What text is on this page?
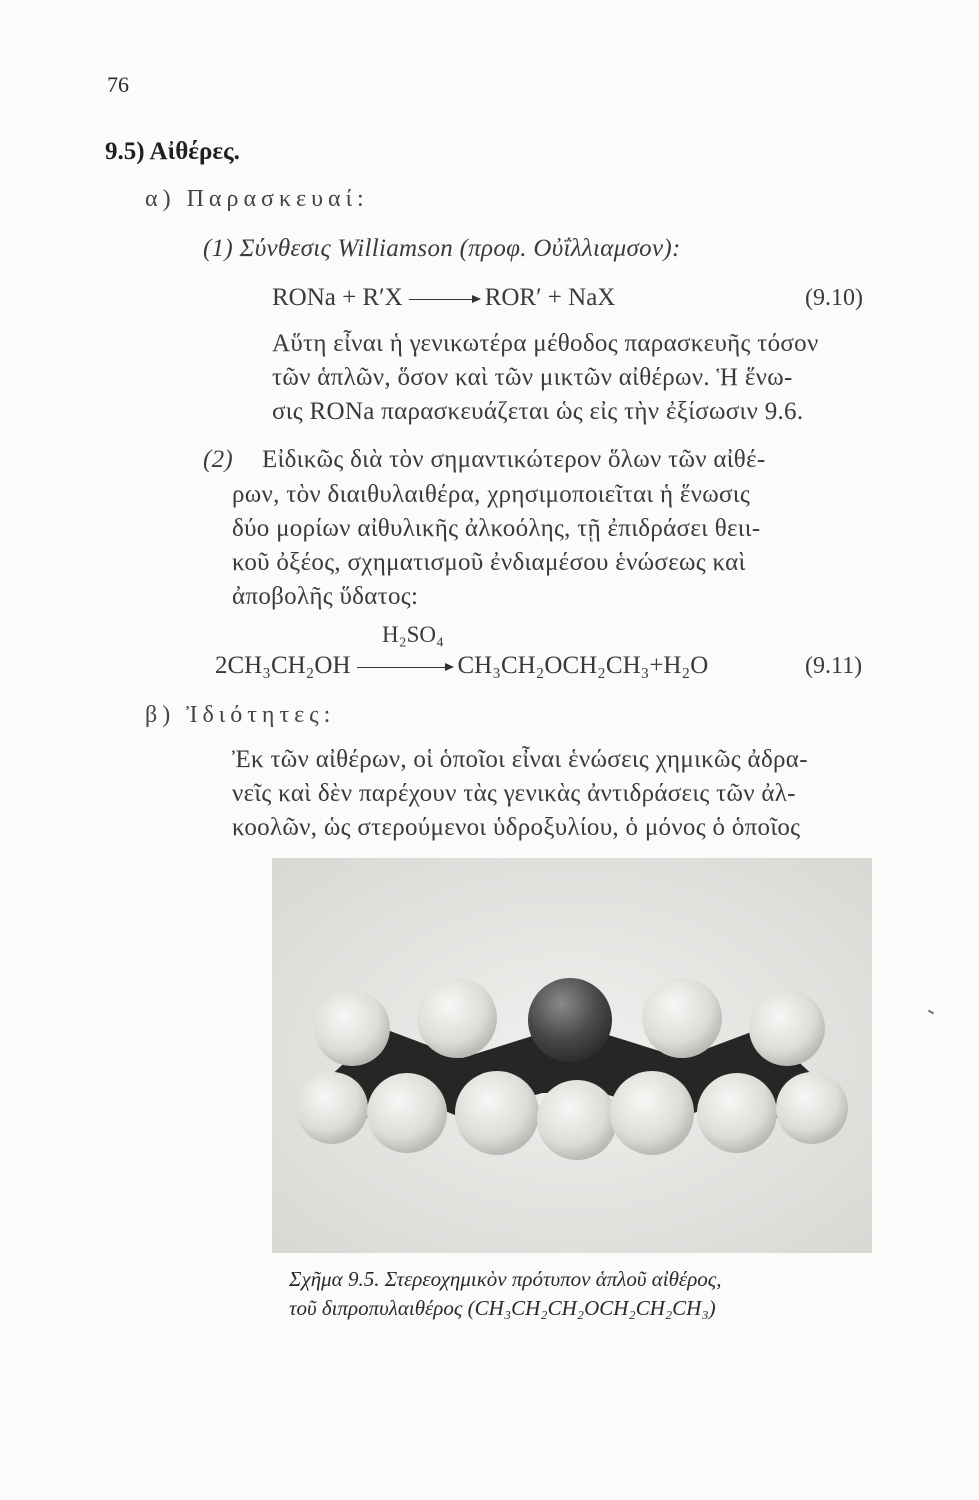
76
9.5) Αἰθέρες.
α) Παρασκευαί:
(1) Σύνθεσις Williamson (προφ. Οὐΐλλιαμσον):
RONa + R′X → ROR′ + NaX	(9.10)
Αὕτη εἶναι ἡ γενικωτέρα μέθοδος παρασκευῆς τόσον
τῶν ἁπλῶν, ὅσον καὶ τῶν μικτῶν αἰθέρων. Ἡ ἕνω-
σις RONa παρασκευάζεται ὡς εἰς τὴν ἐξίσωσιν 9.6.
(2) Εἰδικῶς διὰ τὸν σημαντικώτερον ὅλων τῶν αἰθέ-
ρων, τὸν διαιθυλαιθέρα, χρησιμοποιεῖται ἡ ἕνωσις
δύο μορίων αἰθυλικῆς ἀλκοόλης, τῇ ἐπιδράσει θειι-
κοῦ ὀξέος, σχηματισμοῦ ἐνδιαμέσου ἑνώσεως καὶ
ἀποβολῆς ὕδατος:
H₂SO₄
2CH₃CH₂OH → CH₃CH₂OCH₂CH₃+H₂O	(9.11)
β) Ἰδιότητες:
Ἐκ τῶν αἰθέρων, οἱ ὁποῖοι εἶναι ἑνώσεις χημικῶς ἀδρα-
νεῖς καὶ δὲν παρέχουν τὰς γενικὰς ἀντιδράσεις τῶν ἀλ-
κοολῶν, ὡς στερούμενοι ὑδροξυλίου, ὁ μόνος ὁ ὁποῖος
Σχῆμα 9.5. Στερεοχημικὸν πρότυπον ἁπλοῦ αἰθέρος,
τοῦ διπροπυλαιθέρος (CH₃CH₂CH₂OCH₂CH₂CH₃)
